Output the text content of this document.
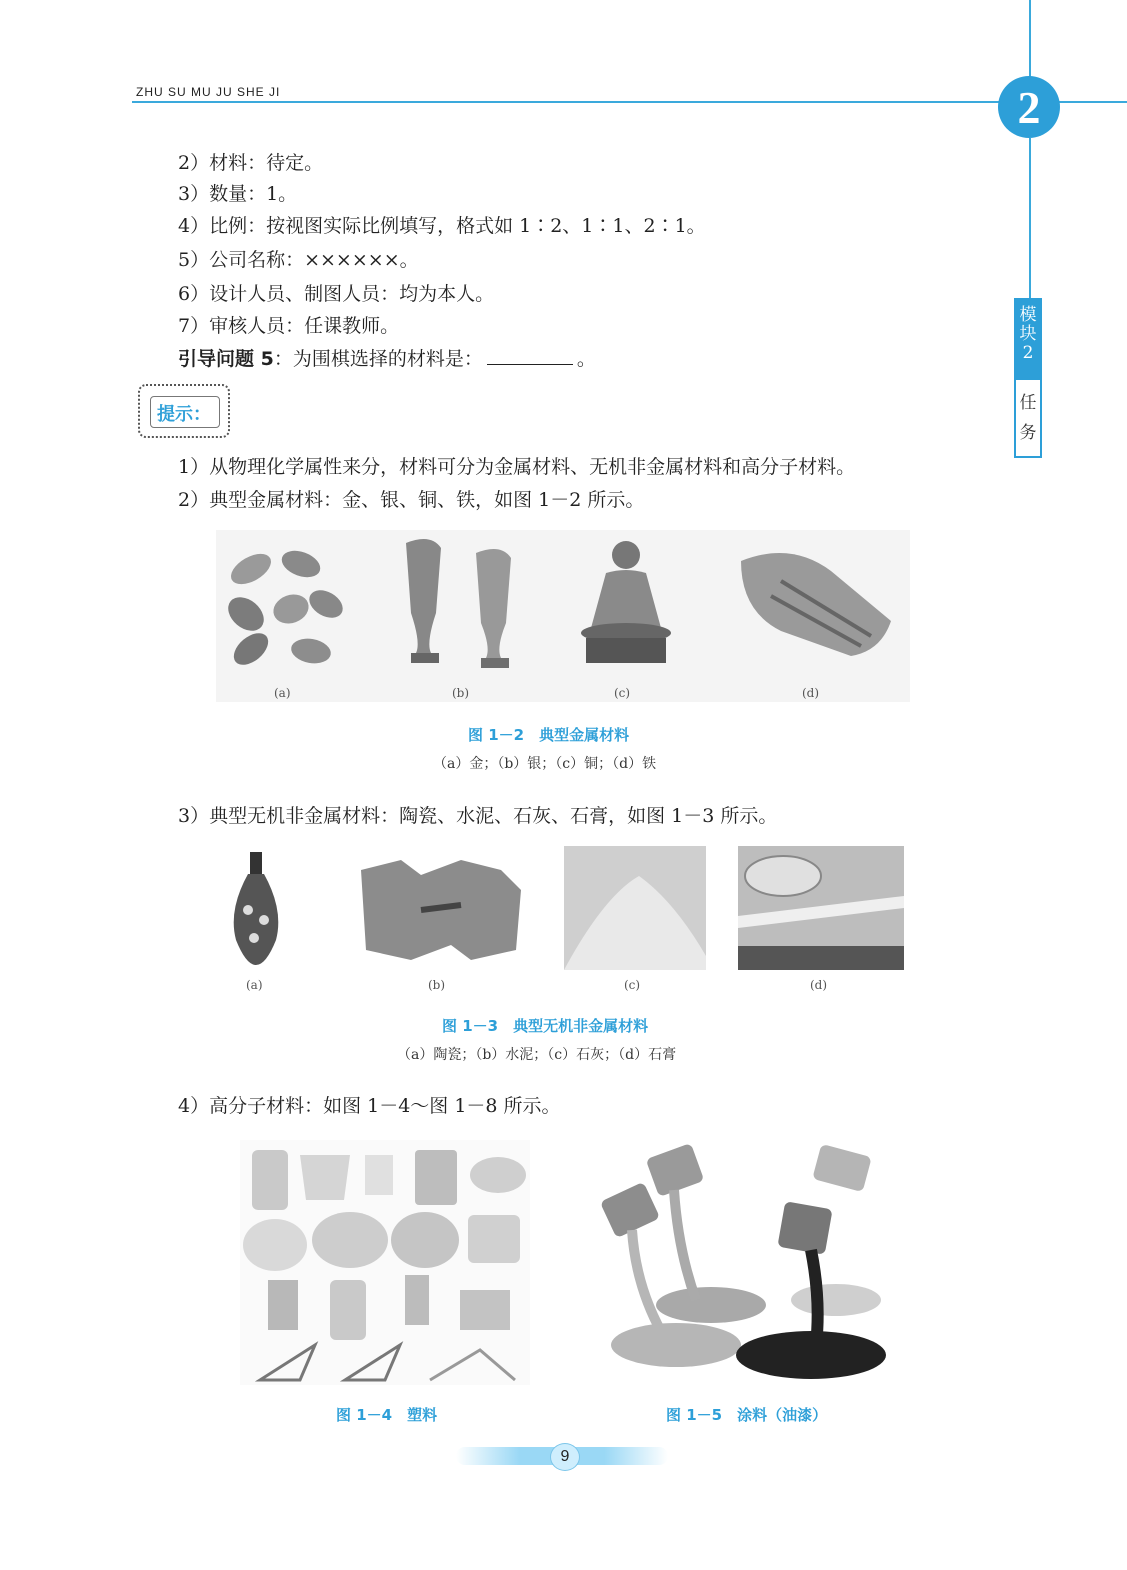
ZHU SU MU JU SHE JI	2
模块2
任务
2）材料：待定。
3）数量：1。
4）比例：按视图实际比例填写，格式如 1∶2、1∶1、2∶1。
5）公司名称：××××××。
6）设计人员、制图人员：均为本人。
7）审核人员：任课教师。
引导问题 5：为围棋选择的材料是：	。
提示：
1）从物理化学属性来分，材料可分为金属材料、无机非金属材料和高分子材料。
2）典型金属材料：金、银、铜、铁，如图 1－2 所示。
(a)	(b)	(c)	(d)
图 1－2　典型金属材料
（a）金；（b）银；（c）铜；（d）铁
3）典型无机非金属材料：陶瓷、水泥、石灰、石膏，如图 1－3 所示。
(a)	(b)	(c)	(d)
图 1－3　典型无机非金属材料
（a）陶瓷；（b）水泥；（c）石灰；（d）石膏
4）高分子材料：如图 1－4～图 1－8 所示。
图 1－4　塑料	图 1－5　涂料（油漆）
9
